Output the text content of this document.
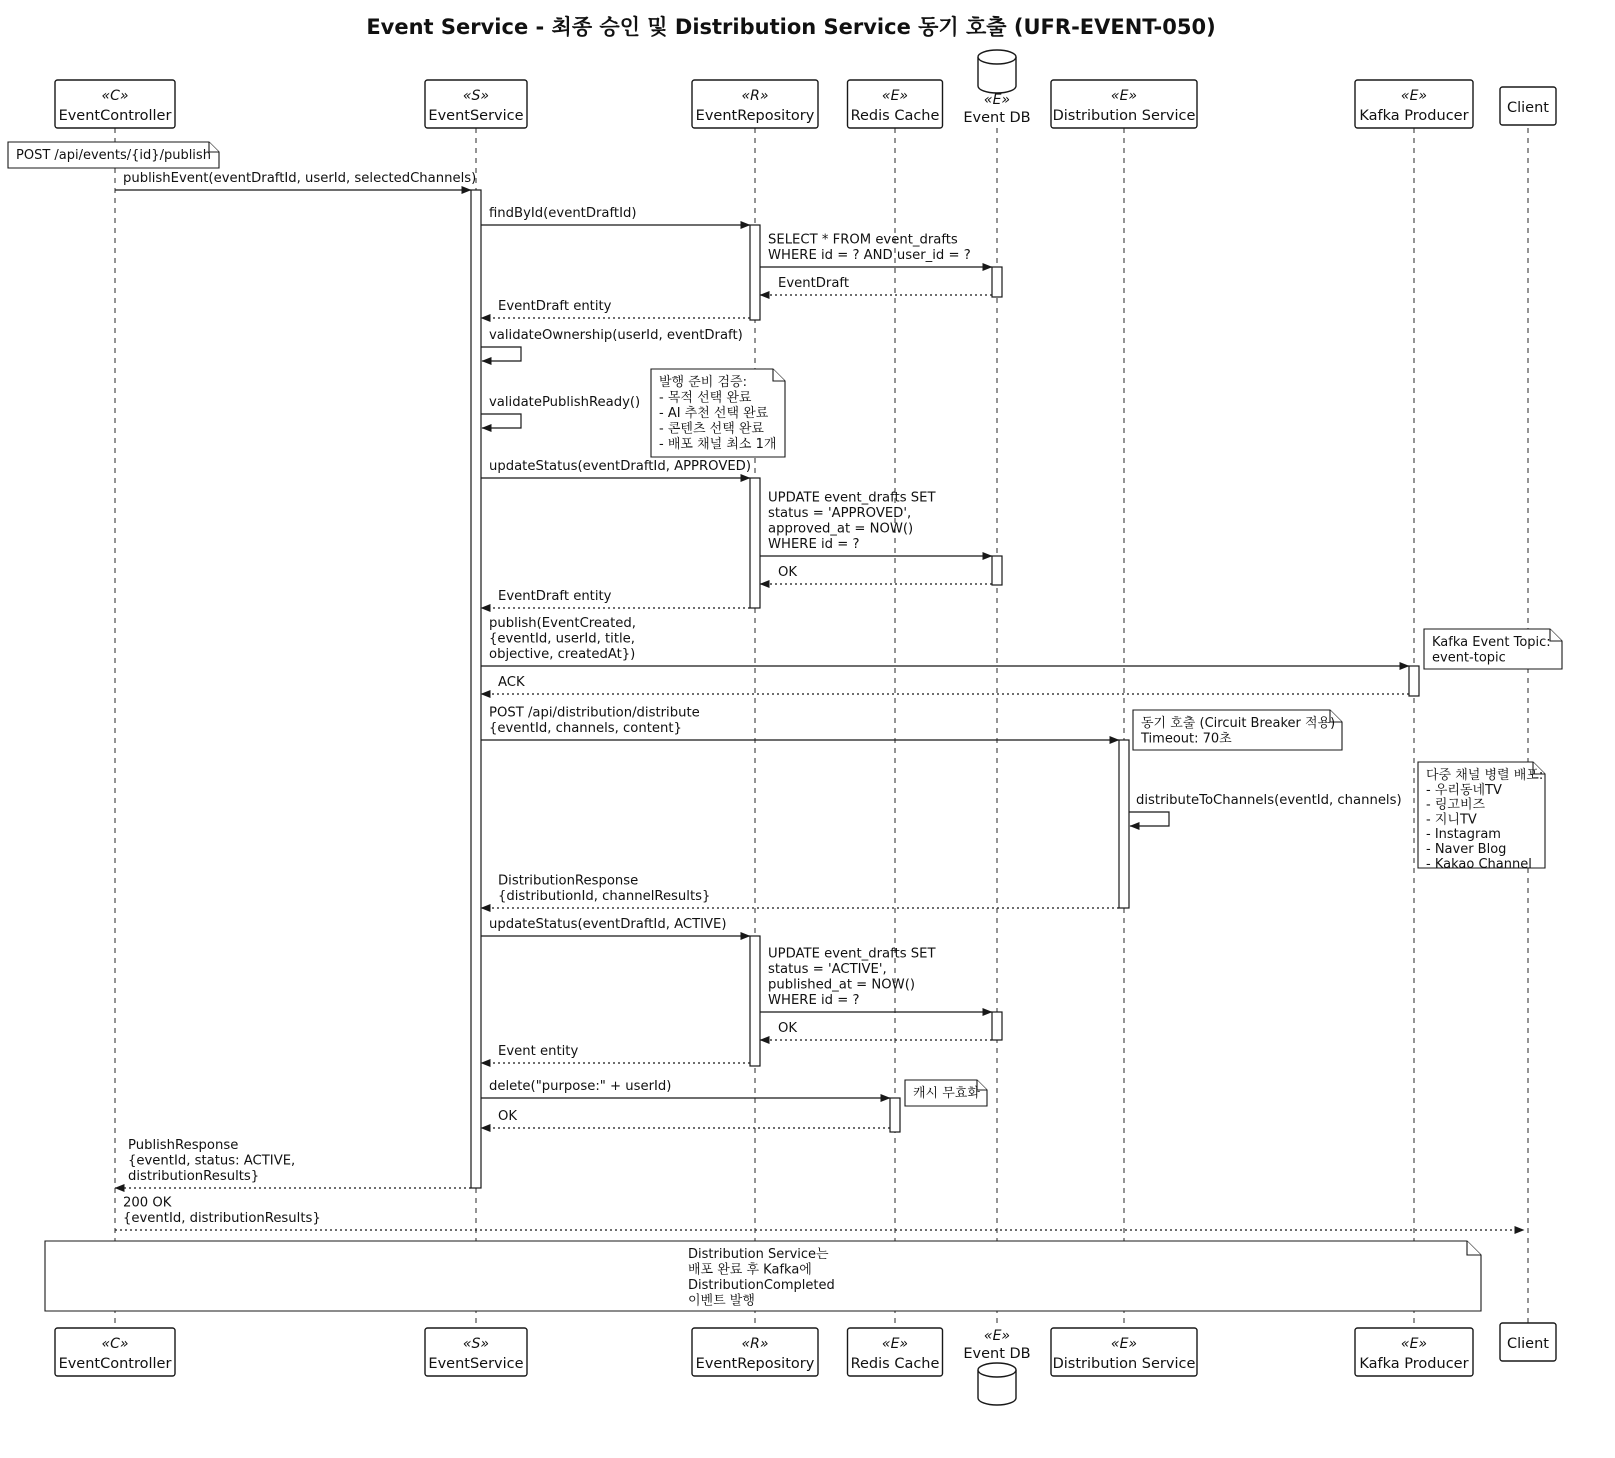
Event Service - 최종 승인 및 Distribution Service 동기 호출 (UFR-EVENT-050)
POST /api/events/{id}/publish
발행 준비 검증:
- 목적 선택 완료
- AI 추천 선택 완료
- 콘텐츠 선택 완료
- 배포 채널 최소 1개
Kafka Event Topic:
event-topic
동기 호출 (Circuit Breaker 적용)
Timeout: 70초
다중 채널 병렬 배포:
- 우리동네TV
- 링고비즈
- 지니TV
- Instagram
- Naver Blog
- Kakao Channel
캐시 무효화
Distribution Service는
배포 완료 후 Kafka에
DistributionCompleted
이벤트 발행
publishEvent(eventDraftId, userId, selectedChannels)
findById(eventDraftId)
SELECT * FROM event_drafts
WHERE id = ? AND user_id = ?
EventDraft
EventDraft entity
validateOwnership(userId, eventDraft)
validatePublishReady()
updateStatus(eventDraftId, APPROVED)
UPDATE event_drafts SET
status = 'APPROVED',
approved_at = NOW()
WHERE id = ?
OK
EventDraft entity
publish(EventCreated,
{eventId, userId, title,
objective, createdAt})
ACK
POST /api/distribution/distribute
{eventId, channels, content}
distributeToChannels(eventId, channels)
DistributionResponse
{distributionId, channelResults}
updateStatus(eventDraftId, ACTIVE)
UPDATE event_drafts SET
status = 'ACTIVE',
published_at = NOW()
WHERE id = ?
OK
Event entity
delete("purpose:" + userId)
OK
PublishResponse
{eventId, status: ACTIVE,
distributionResults}
200 OK
{eventId, distributionResults}
«C»
EventController
«C»
EventController
«S»
EventService
«S»
EventService
«R»
EventRepository
«R»
EventRepository
«E»
Redis Cache
«E»
Redis Cache
«E»
Event DB
«E»
Event DB
«E»
Distribution Service
«E»
Distribution Service
«E»
Kafka Producer
«E»
Kafka Producer
Client
Client
